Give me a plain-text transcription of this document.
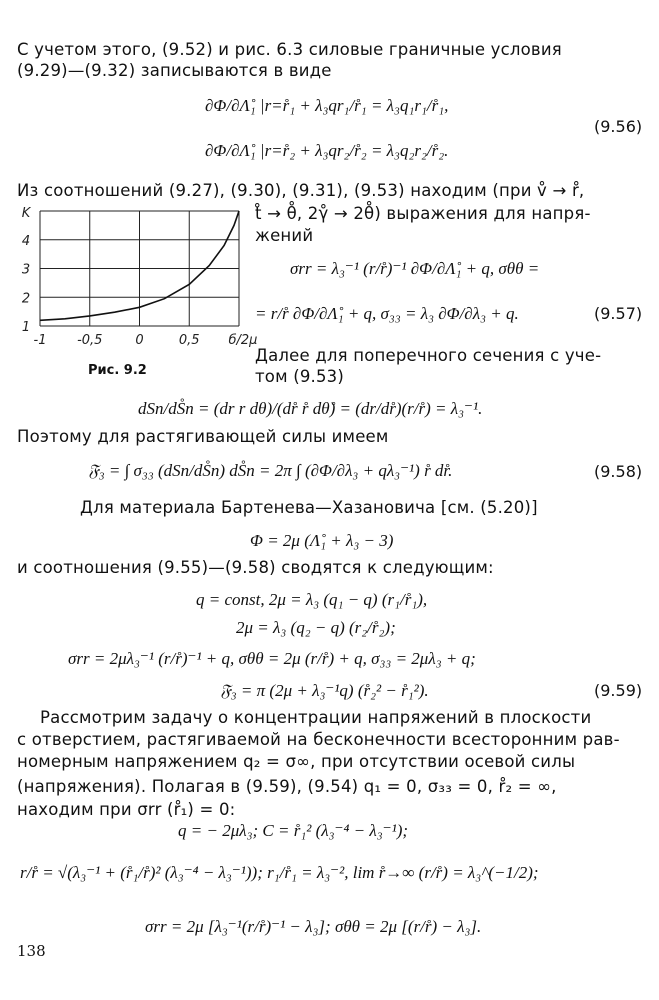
С учетом этого, (9.52) и рис. 6.3 силовые граничные условия
(9.29)—(9.32) записываются в виде
∂Φ/∂Λ̊₁ |r=r̊₁ + λ₃qr₁/r̊₁ = λ₃q₁r₁/r̊₁,
∂Φ/∂Λ̊₁ |r=r̊₂ + λ₃qr₂/r̊₂ = λ₃q₂r₂/r̊₂.
(9.56)
Из соотношений (9.27), (9.30), (9.31), (9.53) находим (при v̊ → r̊,
1
2
3
4
K
-1 -0,5	0	0,5 б/2μ
Рис. 9.2
t̊ → θ̊, 2γ̊ → 2θ̊) выражения для напря-
жений
σrr = λ₃⁻¹ (r/r̊)⁻¹ ∂Φ/∂Λ̊₁ + q, σθθ =
= r/r̊ ∂Φ/∂Λ̊₁ + q, σ₃₃ = λ₃ ∂Φ/∂λ₃ + q.	(9.57)
Далее для поперечного сечения с уче-
том (9.53)
dSn/dS̊n = (dr r dθ)/(dr̊ r̊ dθ̊) = (dr/dr̊)(r/r̊) = λ₃⁻¹.
Поэтому для растягивающей силы имеем
𝔉₃ = ∫ σ₃₃ (dSn/dS̊n) dS̊n = 2π ∫ (∂Φ/∂λ₃ + qλ₃⁻¹) r̊ dr̊.	(9.58)
Для материала Бартенева—Хазановича [см. (5.20)]
Φ = 2μ (Λ̊₁ + λ₃ − 3)
и соотношения (9.55)—(9.58) сводятся к следующим:
q = const, 2μ = λ₃ (q₁ − q) (r₁/r̊₁),
2μ = λ₃ (q₂ − q) (r₂/r̊₂);
σrr = 2μλ₃⁻¹ (r/r̊)⁻¹ + q, σθθ = 2μ (r/r̊) + q, σ₃₃ = 2μλ₃ + q;
𝔉₃ = π (2μ + λ₃⁻¹q) (r̊₂² − r̊₁²).	(9.59)
Рассмотрим задачу о концентрации напряжений в плоскости
с отверстием, растягиваемой на бесконечности всесторонним рав-
номерным напряжением q₂ = σ∞, при отсутствии осевой силы
(напряжения). Полагая в (9.59), (9.54) q₁ = 0, σ₃₃ = 0, r̊₂ = ∞,
находим при σrr (r̊₁) = 0:
q = − 2μλ₃; C = r̊₁² (λ₃⁻⁴ − λ₃⁻¹);
r/r̊ = √(λ₃⁻¹ + (r̊₁/r̊)² (λ₃⁻⁴ − λ₃⁻¹)); r₁/r̊₁ = λ₃⁻², lim r̊→∞ (r/r̊) = λ₃^(−1/2);
σrr = 2μ [λ₃⁻¹(r/r̊)⁻¹ − λ₃]; σθθ = 2μ [(r/r̊) − λ₃].
138
